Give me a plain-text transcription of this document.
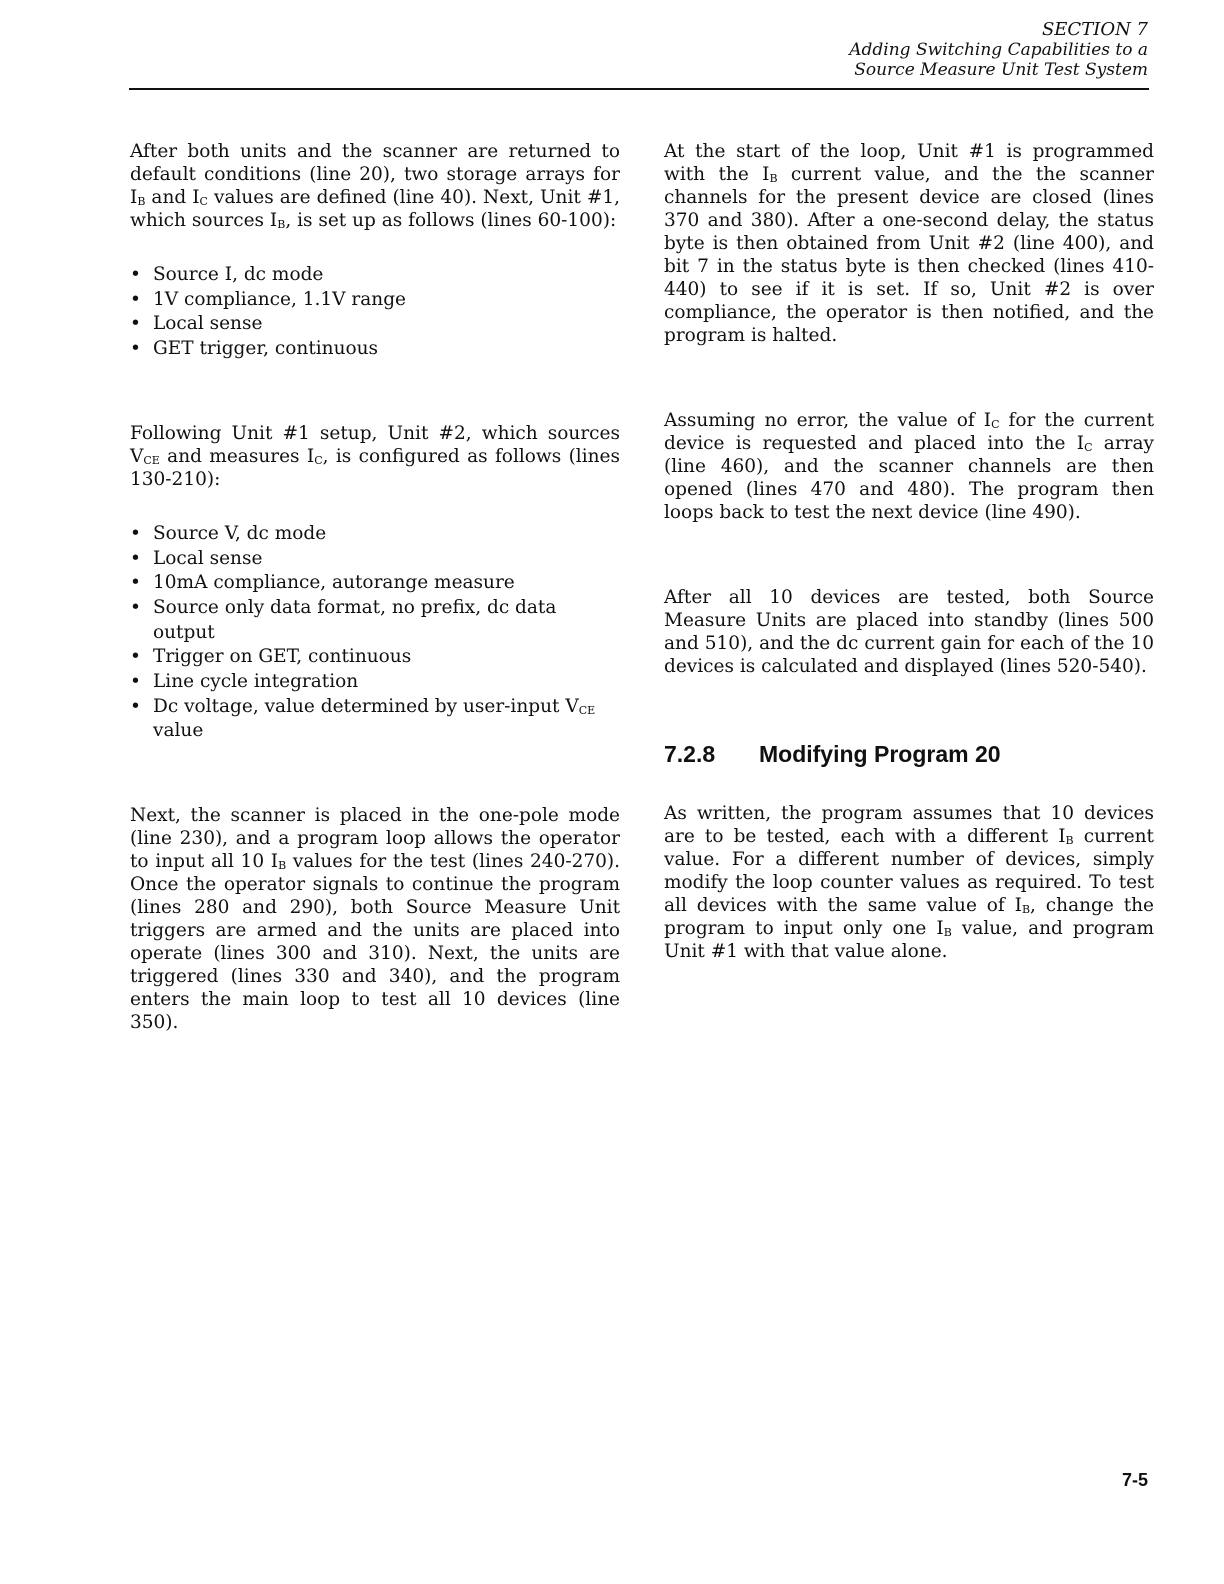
SECTION 7
Adding Switching Capabilities to a
Source Measure Unit Test System

After both units and the scanner are returned to default conditions (line 20), two storage arrays for $I_B$ and $I_C$ values are defined (line 40). Next, Unit #1, which sources $I_B$, is set up as follows (lines 60-100):

• Source I, dc mode
• 1V compliance, 1.1V range
• Local sense
• GET trigger, continuous

Following Unit #1 setup, Unit #2, which sources $V_{CE}$ and measures $I_C$, is configured as follows (lines 130-210):

• Source V, dc mode
• Local sense
• 10mA compliance, autorange measure
• Source only data format, no prefix, dc data output
• Trigger on GET, continuous
• Line cycle integration
• Dc voltage, value determined by user-input $V_{CE}$ value

Next, the scanner is placed in the one-pole mode (line 230), and a program loop allows the operator to input all 10 $I_B$ values for the test (lines 240-270). Once the operator signals to continue the program (lines 280 and 290), both Source Measure Unit triggers are armed and the units are placed into operate (lines 300 and 310). Next, the units are triggered (lines 330 and 340), and the program enters the main loop to test all 10 devices (line 350).

At the start of the loop, Unit #1 is programmed with the $I_B$ current value, and the the scanner channels for the present device are closed (lines 370 and 380). After a one-second delay, the status byte is then obtained from Unit #2 (line 400), and bit 7 in the status byte is then checked (lines 410-440) to see if it is set. If so, Unit #2 is over compliance, the operator is then notified, and the program is halted.

Assuming no error, the value of $I_C$ for the current device is requested and placed into the $I_C$ array (line 460), and the scanner channels are then opened (lines 470 and 480). The program then loops back to test the next device (line 490).

After all 10 devices are tested, both Source Measure Units are placed into standby (lines 500 and 510), and the dc current gain for each of the 10 devices is calculated and displayed (lines 520-540).

7.2.8 Modifying Program 20

As written, the program assumes that 10 devices are to be tested, each with a different $I_B$ current value. For a different number of devices, simply modify the loop counter values as required. To test all devices with the same value of $I_B$, change the program to input only one $I_B$ value, and program Unit #1 with that value alone.

7-5
